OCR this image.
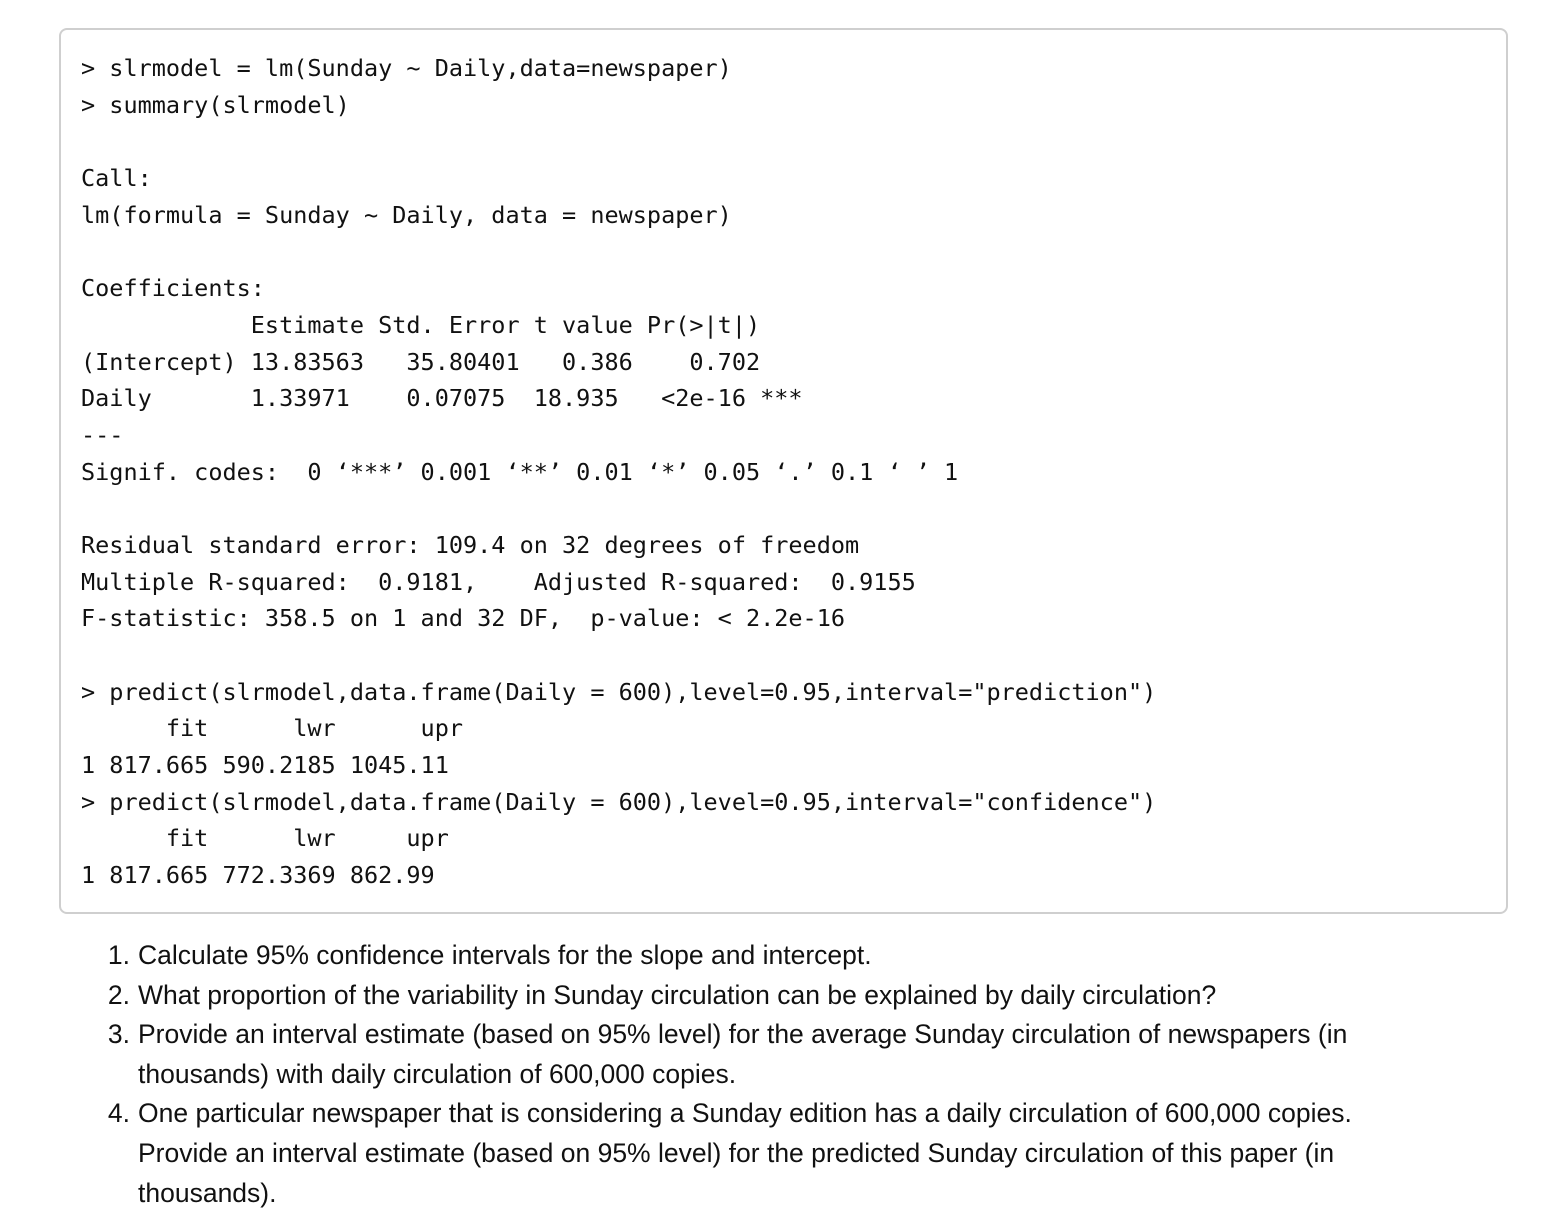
> slrmodel = lm(Sunday ~ Daily,data=newspaper)
> summary(slrmodel)
Call:
lm(formula = Sunday ~ Daily, data = newspaper)
Coefficients:
Estimate Std. Error t value Pr(>|t|)
(Intercept) 13.83563   35.80401   0.386    0.702
Daily       1.33971    0.07075  18.935   <2e-16 ***
---
Signif. codes:  0 ‘***’ 0.001 ‘**’ 0.01 ‘*’ 0.05 ‘.’ 0.1 ‘ ’ 1
Residual standard error: 109.4 on 32 degrees of freedom
Multiple R-squared:  0.9181,    Adjusted R-squared:  0.9155
F-statistic: 358.5 on 1 and 32 DF,  p-value: < 2.2e-16
> predict(slrmodel,data.frame(Daily = 600),level=0.95,interval="prediction")
fit      lwr      upr
1 817.665 590.2185 1045.11
> predict(slrmodel,data.frame(Daily = 600),level=0.95,interval="confidence")
fit      lwr     upr
1 817.665 772.3369 862.99
1. Calculate 95% confidence intervals for the slope and intercept.
2. What proportion of the variability in Sunday circulation can be explained by daily circulation?
3. Provide an interval estimate (based on 95% level) for the average Sunday circulation of newspapers (in thousands) with daily circulation of 600,000 copies.
4. One particular newspaper that is considering a Sunday edition has a daily circulation of 600,000 copies. Provide an interval estimate (based on 95% level) for the predicted Sunday circulation of this paper (in thousands).
